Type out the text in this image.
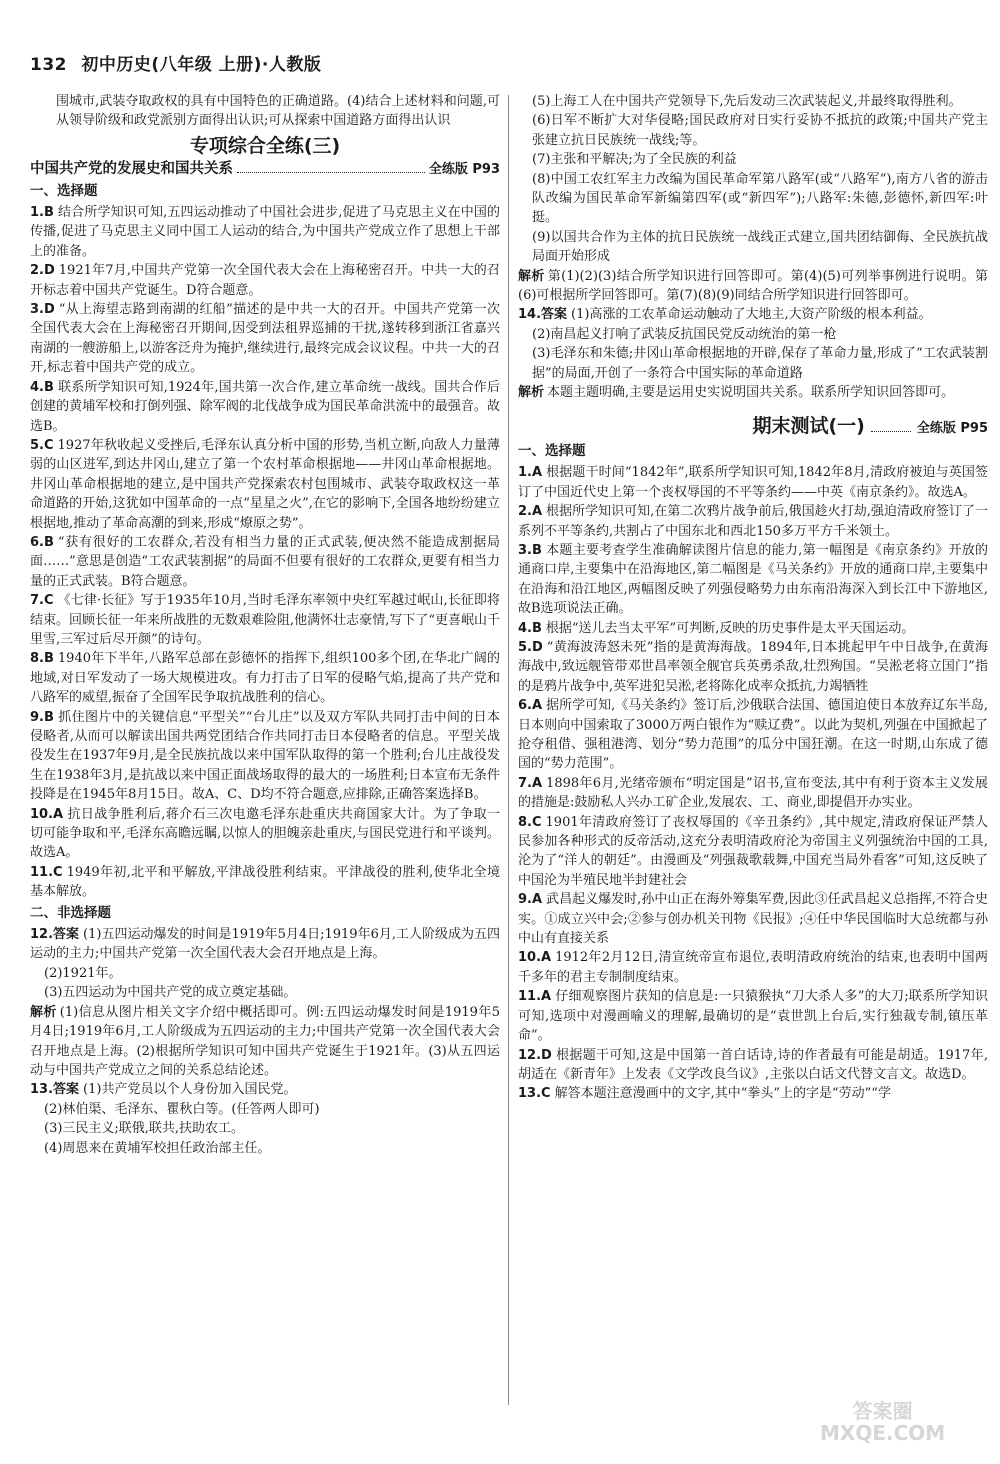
132 初中历史(八年级 上册)·人教版

围城市,武装夺取政权的具有中国特色的正确道路。(4)结合上述材料和问题,可从领导阶级和政党派别方面得出认识;可从探索中国道路方面得出认识

专项综合全练(三)
中国共产党的发展史和国共关系	全练版 P93
一、选择题

1.B 结合所学知识可知,五四运动推动了中国社会进步,促进了马克思主义在中国的传播,促进了马克思主义同中国工人运动的结合,为中国共产党成立作了思想上干部上的准备。

2.D 1921年7月,中国共产党第一次全国代表大会在上海秘密召开。中共一大的召开标志着中国共产党诞生。D符合题意。

3.D “从上海望志路到南湖的红船”描述的是中共一大的召开。中国共产党第一次全国代表大会在上海秘密召开期间,因受到法租界巡捕的干扰,遂转移到浙江省嘉兴南湖的一艘游船上,以游客泛舟为掩护,继续进行,最终完成会议议程。中共一大的召开,标志着中国共产党的成立。

4.B 联系所学知识可知,1924年,国共第一次合作,建立革命统一战线。国共合作后创建的黄埔军校和打倒列强、除军阀的北伐战争成为国民革命洪流中的最强音。故选B。

5.C 1927年秋收起义受挫后,毛泽东认真分析中国的形势,当机立断,向敌人力量薄弱的山区进军,到达井冈山,建立了第一个农村革命根据地——井冈山革命根据地。井冈山革命根据地的建立,是中国共产党探索农村包围城市、武装夺取政权这一革命道路的开始,这犹如中国革命的一点“星星之火”,在它的影响下,全国各地纷纷建立根据地,推动了革命高潮的到来,形成“燎原之势”。

6.B “获有很好的工农群众,若没有相当力量的正式武装,便决然不能造成割据局面……”意思是创造“工农武装割据”的局面不但要有很好的工农群众,更要有相当力量的正式武装。B符合题意。

7.C 《七律·长征》写于1935年10月,当时毛泽东率领中央红军越过岷山,长征即将结束。回顾长征一年来所战胜的无数艰难险阻,他满怀壮志豪情,写下了“更喜岷山千里雪,三军过后尽开颜”的诗句。

8.B 1940年下半年,八路军总部在彭德怀的指挥下,组织100多个团,在华北广阔的地域,对日军发动了一场大规模进攻。有力打击了日军的侵略气焰,提高了共产党和八路军的威望,振奋了全国军民争取抗战胜利的信心。

9.B 抓住图片中的关键信息“平型关”“台儿庄”以及双方军队共同打击中间的日本侵略者,从而可以解读出国共两党团结合作共同打击日本侵略者的信息。平型关战役发生在1937年9月,是全民族抗战以来中国军队取得的第一个胜利;台儿庄战役发生在1938年3月,是抗战以来中国正面战场取得的最大的一场胜利;日本宣布无条件投降是在1945年8月15日。故A、C、D均不符合题意,应排除,正确答案选择B。

10.A 抗日战争胜利后,蒋介石三次电邀毛泽东赴重庆共商国家大计。为了争取一切可能争取和平,毛泽东高瞻远瞩,以惊人的胆魄亲赴重庆,与国民党进行和平谈判。故选A。

11.C 1949年初,北平和平解放,平津战役胜利结束。平津战役的胜利,使华北全境基本解放。

二、非选择题

12.答案 (1)五四运动爆发的时间是1919年5月4日;1919年6月,工人阶级成为五四运动的主力;中国共产党第一次全国代表大会召开地点是上海。

(2)1921年。

(3)五四运动为中国共产党的成立奠定基础。

解析 (1)信息从图片相关文字介绍中概括即可。例:五四运动爆发时间是1919年5月4日;1919年6月,工人阶级成为五四运动的主力;中国共产党第一次全国代表大会召开地点是上海。(2)根据所学知识可知中国共产党诞生于1921年。(3)从五四运动与中国共产党成立之间的关系总结论述。

13.答案 (1)共产党员以个人身份加入国民党。

(2)林伯渠、毛泽东、瞿秋白等。(任答两人即可)

(3)三民主义;联俄,联共,扶助农工。

(4)周恩来在黄埔军校担任政治部主任。

(5)上海工人在中国共产党领导下,先后发动三次武装起义,并最终取得胜利。

(6)日军不断扩大对华侵略;国民政府对日实行妥协不抵抗的政策;中国共产党主张建立抗日民族统一战线;等。

(7)主张和平解决;为了全民族的利益

(8)中国工农红军主力改编为国民革命军第八路军(或“八路军”),南方八省的游击队改编为国民革命军新编第四军(或“新四军”);八路军:朱德,彭德怀,新四军:叶挺。

(9)以国共合作为主体的抗日民族统一战线正式建立,国共团结御侮、全民族抗战局面开始形成

解析 第(1)(2)(3)结合所学知识进行回答即可。第(4)(5)可列举事例进行说明。第(6)可根据所学回答即可。第(7)(8)(9)同结合所学知识进行回答即可。

14.答案 (1)高涨的工农革命运动触动了大地主,大资产阶级的根本利益。

(2)南昌起义打响了武装反抗国民党反动统治的第一枪

(3)毛泽东和朱德;井冈山革命根据地的开辟,保存了革命力量,形成了“工农武装割据”的局面,开创了一条符合中国实际的革命道路

解析 本题主题明确,主要是运用史实说明国共关系。联系所学知识回答即可。

期末测试(一)	全练版 P95
一、选择题

1.A 根据题干时间“1842年”,联系所学知识可知,1842年8月,清政府被迫与英国签订了中国近代史上第一个丧权辱国的不平等条约——中英《南京条约》。故选A。

2.A 根据所学知识可知,在第二次鸦片战争前后,俄国趁火打劫,强迫清政府签订了一系列不平等条约,共割占了中国东北和西北150多万平方千米领土。

3.B 本题主要考查学生准确解读图片信息的能力,第一幅图是《南京条约》开放的通商口岸,主要集中在沿海地区,第二幅图是《马关条约》开放的通商口岸,主要集中在沿海和沿江地区,两幅图反映了列强侵略势力由东南沿海深入到长江中下游地区,故B选项说法正确。

4.B 根据“送儿去当太平军”可判断,反映的历史事件是太平天国运动。

5.D “黄海波涛怒未死”指的是黄海海战。1894年,日本挑起甲午中日战争,在黄海海战中,致远舰管带邓世昌率领全舰官兵英勇杀敌,壮烈殉国。“吴淞老将立国门”指的是鸦片战争中,英军进犯吴淞,老将陈化成率众抵抗,力竭牺牲

6.A 据所学可知,《马关条约》签订后,沙俄联合法国、德国迫使日本放弃辽东半岛,日本则向中国索取了3000万两白银作为“赎辽费”。以此为契机,列强在中国掀起了抢夺租借、强租港湾、划分“势力范围”的瓜分中国狂潮。在这一时期,山东成了德国的“势力范围”。

7.A 1898年6月,光绪帝颁布“明定国是”诏书,宣布变法,其中有利于资本主义发展的措施是:鼓励私人兴办工矿企业,发展农、工、商业,即提倡开办实业。

8.C 1901年清政府签订了丧权辱国的《辛丑条约》,其中规定,清政府保证严禁人民参加各种形式的反帝活动,这充分表明清政府沦为帝国主义列强统治中国的工具,沦为了“洋人的朝廷”。由漫画及“列强裁歌载舞,中国充当局外看客”可知,这反映了中国沦为半殖民地半封建社会

9.A 武昌起义爆发时,孙中山正在海外筹集军费,因此③任武昌起义总指挥,不符合史实。①成立兴中会;②参与创办机关刊物《民报》;④任中华民国临时大总统都与孙中山有直接关系

10.A 1912年2月12日,清宣统帝宣布退位,表明清政府统治的结束,也表明中国两千多年的君主专制制度结束。

11.A 仔细观察图片获知的信息是:一只猿猴执“刀大杀人多”的大刀;联系所学知识可知,选项中对漫画喻义的理解,最确切的是“袁世凯上台后,实行独裁专制,镇压革命”。

12.D 根据题干可知,这是中国第一首白话诗,诗的作者最有可能是胡适。1917年,胡适在《新青年》上发表《文学改良刍议》,主张以白话文代替文言文。故选D。

13.C 解答本题注意漫画中的文字,其中“拳头”上的字是“劳动”“学

答案圈
MXQE.COM
